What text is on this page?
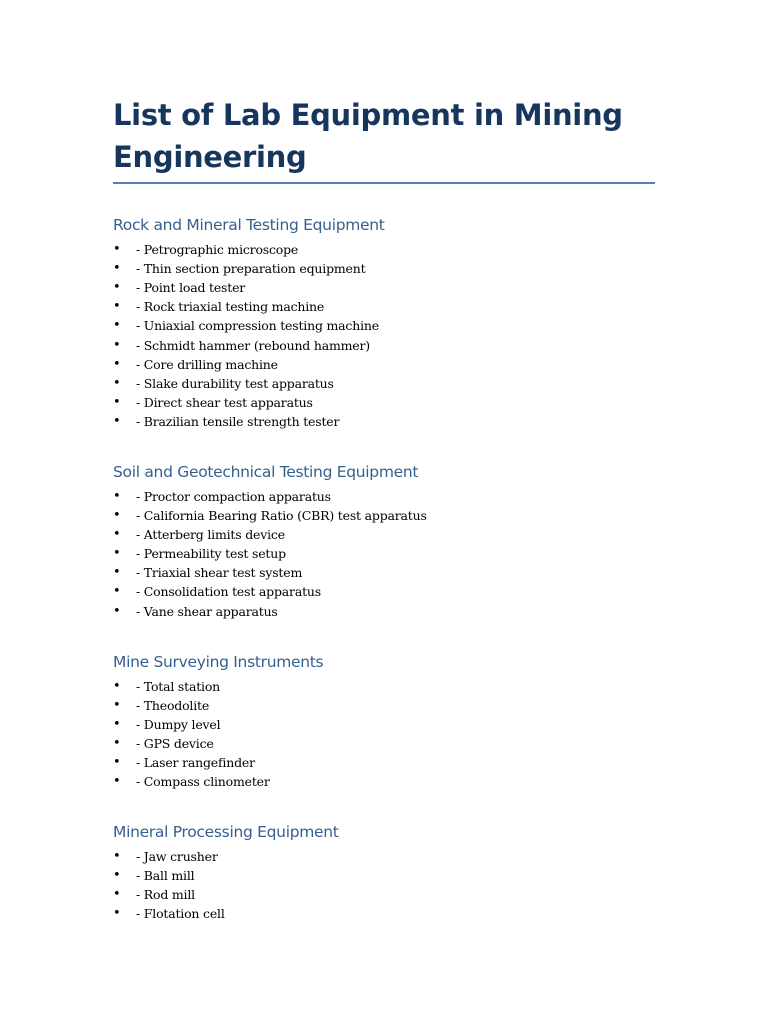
List of Lab Equipment in Mining Engineering
Rock and Mineral Testing Equipment
•	- Petrographic microscope
•	- Thin section preparation equipment
•	- Point load tester
•	- Rock triaxial testing machine
•	- Uniaxial compression testing machine
•	- Schmidt hammer (rebound hammer)
•	- Core drilling machine
•	- Slake durability test apparatus
•	- Direct shear test apparatus
•	- Brazilian tensile strength tester
Soil and Geotechnical Testing Equipment
•	- Proctor compaction apparatus
•	- California Bearing Ratio (CBR) test apparatus
•	- Atterberg limits device
•	- Permeability test setup
•	- Triaxial shear test system
•	- Consolidation test apparatus
•	- Vane shear apparatus
Mine Surveying Instruments
•	- Total station
•	- Theodolite
•	- Dumpy level
•	- GPS device
•	- Laser rangefinder
•	- Compass clinometer
Mineral Processing Equipment
•	- Jaw crusher
•	- Ball mill
•	- Rod mill
•	- Flotation cell
